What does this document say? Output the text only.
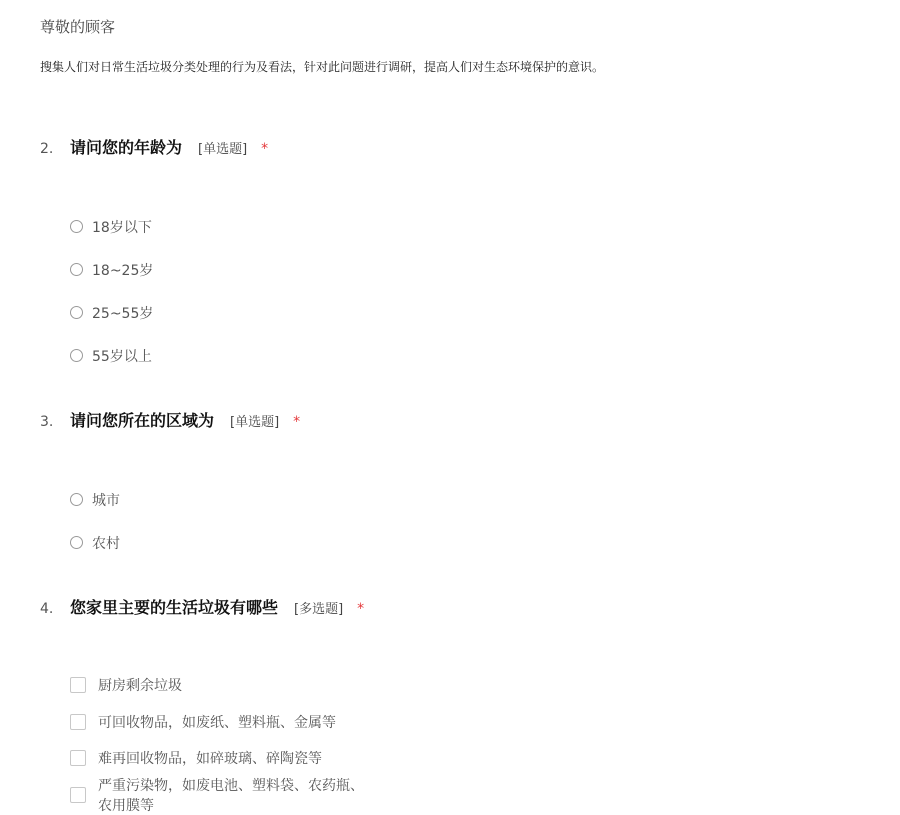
尊敬的顾客

搜集人们对日常生活垃圾分类处理的行为及看法，针对此问题进行调研，提高人们对生态环境保护的意识。

2.	请问您的年龄为 [单选题] *
18岁以下
18~25岁
25~55岁
55岁以上
3.	请问您所在的区域为 [单选题] *
城市
农村
4.	您家里主要的生活垃圾有哪些 [多选题] *
厨房剩余垃圾
可回收物品，如废纸、塑料瓶、金属等
难再回收物品，如碎玻璃、碎陶瓷等
严重污染物，如废电池、塑料袋、农药瓶、农用膜等
